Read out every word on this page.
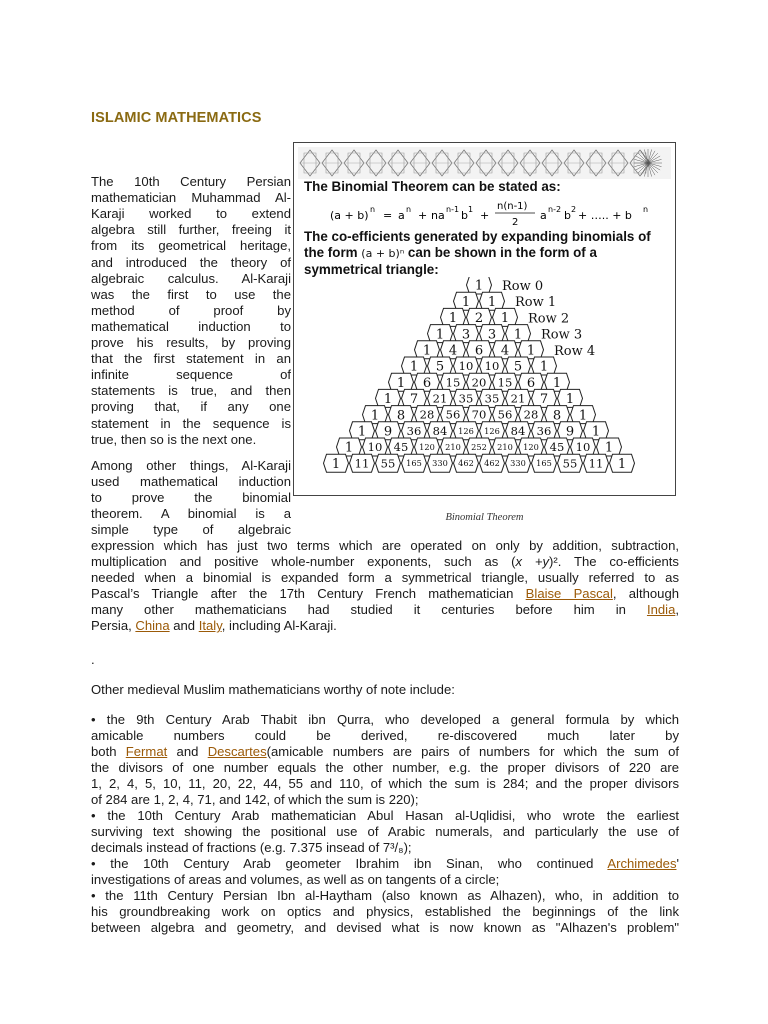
ISLAMIC MATHEMATICS

The 10th Century Persian

mathematician Muhammad Al-

Karaji worked to extend

algebra still further, freeing it

from its geometrical heritage,

and introduced the theory of

algebraic calculus. Al-Karaji

was the first to use the

method of proof by

mathematical induction to

prove his results, by proving

that the first statement in an

infinite sequence of

statements is true, and then

proving that, if any one

statement in the sequence is

true, then so is the next one.

Among other things, Al-Karaji

used mathematical induction

to prove the binomial

theorem. A binomial is a

simple type of algebraic

expression which has just two terms which are operated on only by addition, subtraction,

multiplication and positive whole-number exponents, such as (x +y)². The co-efficients

needed when a binomial is expanded form a symmetrical triangle, usually referred to as

Pascal’s Triangle after the 17th Century French mathematician Blaise Pascal, although

many other mathematicians had studied it centuries before him in India,

Persia, China and Italy, including Al-Karaji.

.

Other medieval Muslim mathematicians worthy of note include:

• the 9th Century Arab Thabit ibn Qurra, who developed a general formula by which

amicable numbers could be derived, re-discovered much later by

both Fermat and Descartes(amicable numbers are pairs of numbers for which the sum of

the divisors of one number equals the other number, e.g. the proper divisors of 220 are

1, 2, 4, 5, 10, 11, 20, 22, 44, 55 and 110, of which the sum is 284; and the proper divisors

of 284 are 1, 2, 4, 71, and 142, of which the sum is 220);

• the 10th Century Arab mathematician Abul Hasan al-Uqlidisi, who wrote the earliest

surviving text showing the positional use of Arabic numerals, and particularly the use of

decimals instead of fractions (e.g. 7.375 insead of 7³/₈);

• the 10th Century Arab geometer Ibrahim ibn Sinan, who continued Archimedes'

investigations of areas and volumes, as well as on tangents of a circle;

• the 11th Century Persian Ibn al-Haytham (also known as Alhazen), who, in addition to

his groundbreaking work on optics and physics, established the beginnings of the link

between algebra and geometry, and devised what is now known as "Alhazen's problem"

The Binomial Theorem can be stated as:
(a + b) n = a n + na n-1 b 1 +
n(n-1)
2
a n-2 b 2 + ….. + b n
The co-efficients generated by expanding binomials of the form (a + b)ⁿ can be shown in the form of a symmetrical triangle:
1 Row 0
1 1 Row 1
1 2 1 Row 2
1 3 3 1 Row 3
1 4 6 4 1 Row 4
1 5 10 10 5 1
1 6 15 20 15 6 1
1 7 21 35 35 21 7 1
1 8 28 56 70 56 28 8 1
1 9 36 84 126 126 84 36 9 1
1 10 45 120 210 252 210 120 45 10 1
1 11 55 165 330 462 462 330 165 55 11 1
Binomial Theorem
